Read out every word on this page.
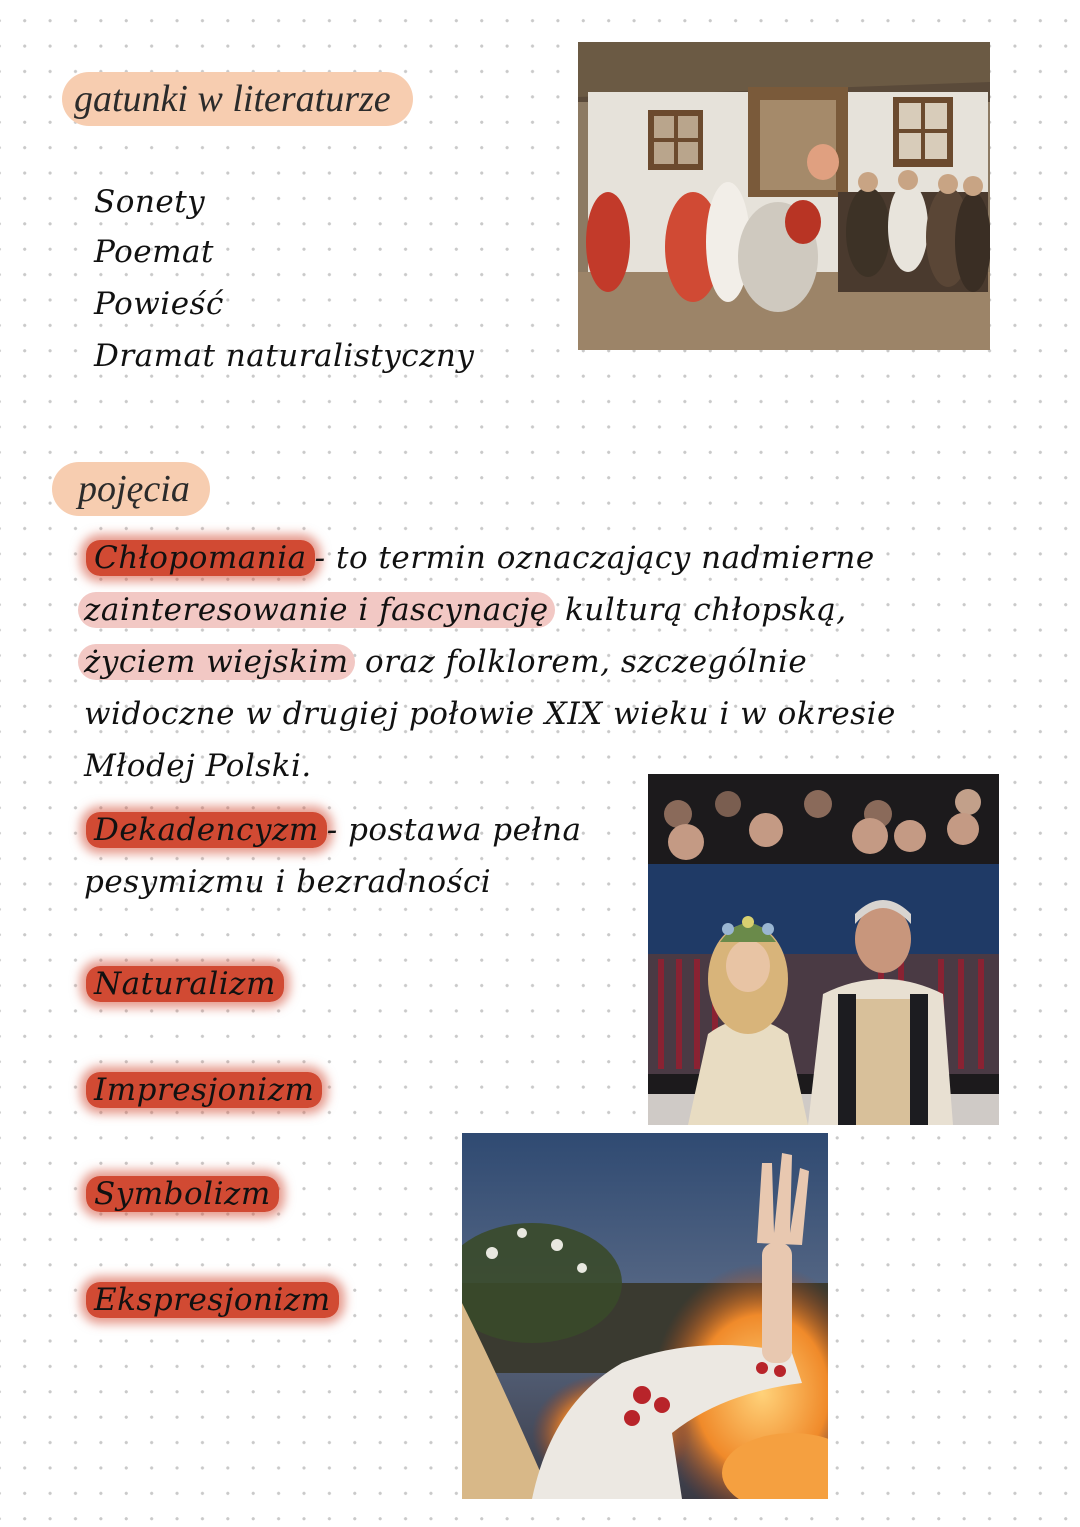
gatunki w literaturze
Sonety
Poemat
Powieść
Dramat naturalistyczny
pojęcia
Chłopomania - to termin oznaczający nadmierne
zainteresowanie i fascynację kulturą chłopską,
życiem wiejskim oraz folklorem, szczególnie
widoczne w drugiej połowie XIX wieku i w okresie
Młodej Polski.
Dekadencyzm - postawa pełna
pesymizmu i bezradności
Naturalizm
Impresjonizm
Symbolizm
Ekspresjonizm
